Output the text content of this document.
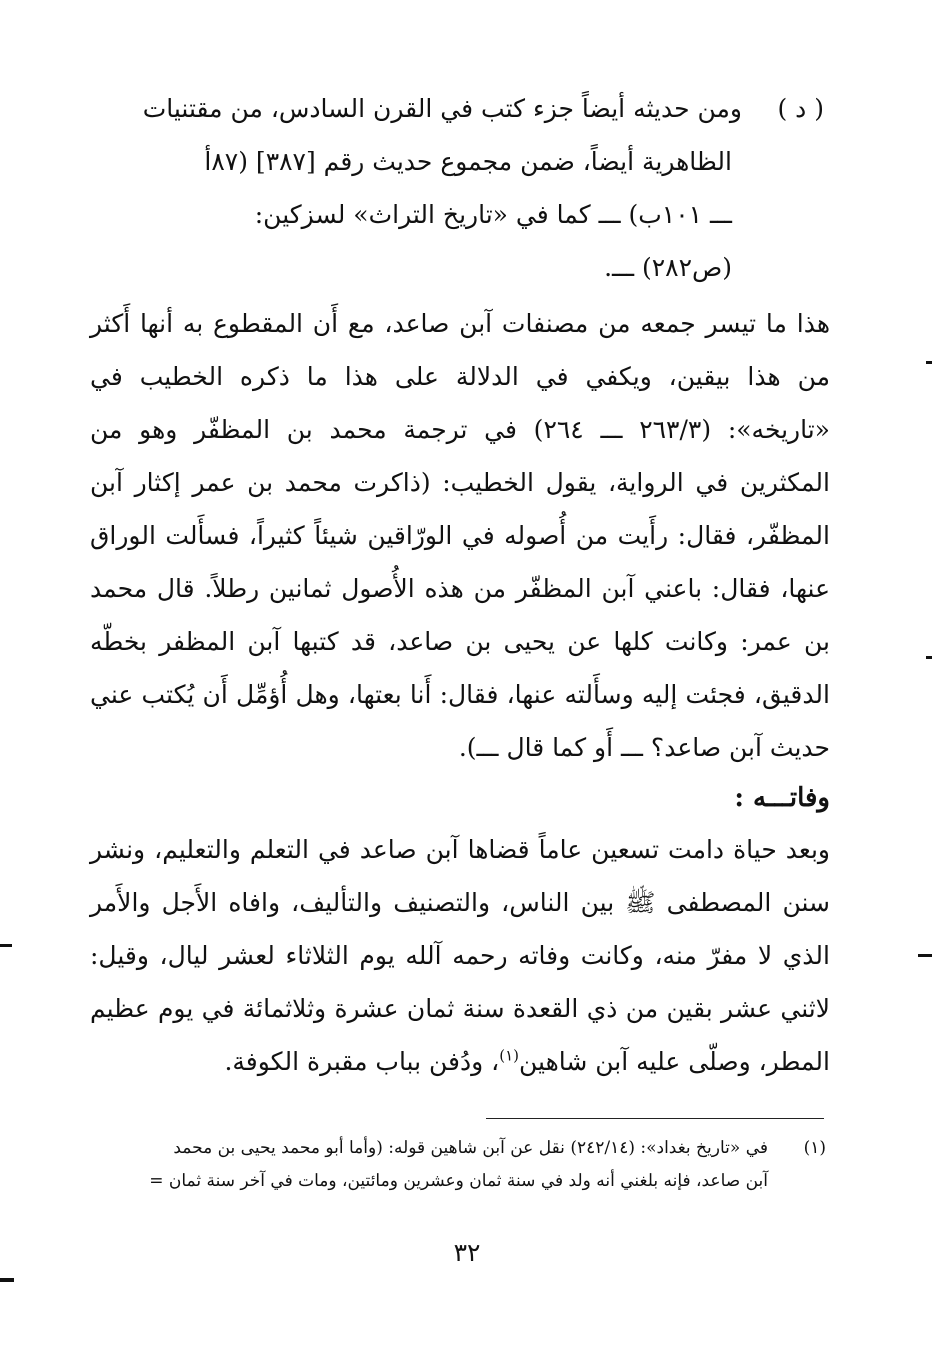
( د )ومن حديثه أيضاً جزء كتب في القرن السادس، من مقتنيات
الظاهرية أيضاً، ضمن مجموع حديث رقم [٣٨٧] (٨٧أ
ـــ ١٠١ب) ـــ كما في «تاريخ التراث» لسزكين:
(ص٢٨٢) ـــ.

هذا ما تيسر جمعه من مصنفات آبن صاعد، مع أَن المقطوع به أنها أَكثر من هذا بيقين، ويكفي في الدلالة على هذا ما ذكره الخطيب في «تاريخه»: (٢٦٣/٣ ـــ ٢٦٤) في ترجمة محمد بن المظفّر وهو من المكثرين في الرواية، يقول الخطيب: (ذاكرت محمد بن عمر إكثار آبن المظفّر، فقال: رأَيت من أُصوله في الورّاقين شيئاً كثيراً، فسأَلت الوراق عنها، فقال: باعني آبن المظفّر من هذه الأُصول ثمانين رطلاً. قال محمد بن عمر: وكانت كلها عن يحيى بن صاعد، قد كتبها آبن المظفر بخطّه الدقيق، فجئت إليه وسأَلته عنها، فقال: أَنا بعتها، وهل أُؤمِّل أَن يُكتب عني حديث آبن صاعد؟ ـــ أَو كما قال ـــ).

وفاتـــه :

وبعد حياة دامت تسعين عاماً قضاها آبن صاعد في التعلم والتعليم، ونشر سنن المصطفى ﷺ بين الناس، والتصنيف والتأليف، وافاه الأَجل والأَمر الذي لا مفرّ منه، وكانت وفاته رحمه آلله يوم الثلاثاء لعشر ليال، وقيل: لاثني عشر بقين من ذي القعدة سنة ثمان عشرة وثلاثمائة في يوم عظيم المطر، وصلّى عليه آبن شاهين$^{(١)}$، ودُفن بباب مقبرة الكوفة.

(١)في «تاريخ بغداد»: (٢٤٢/١٤) نقل عن آبن شاهين قوله: (وأما أبو محمد يحيى بن محمد
آبن صاعد، فإنه بلغني أنه ولد في سنة ثمان وعشرين ومائتين، ومات في آخر سنة ثمان =
٣٢
